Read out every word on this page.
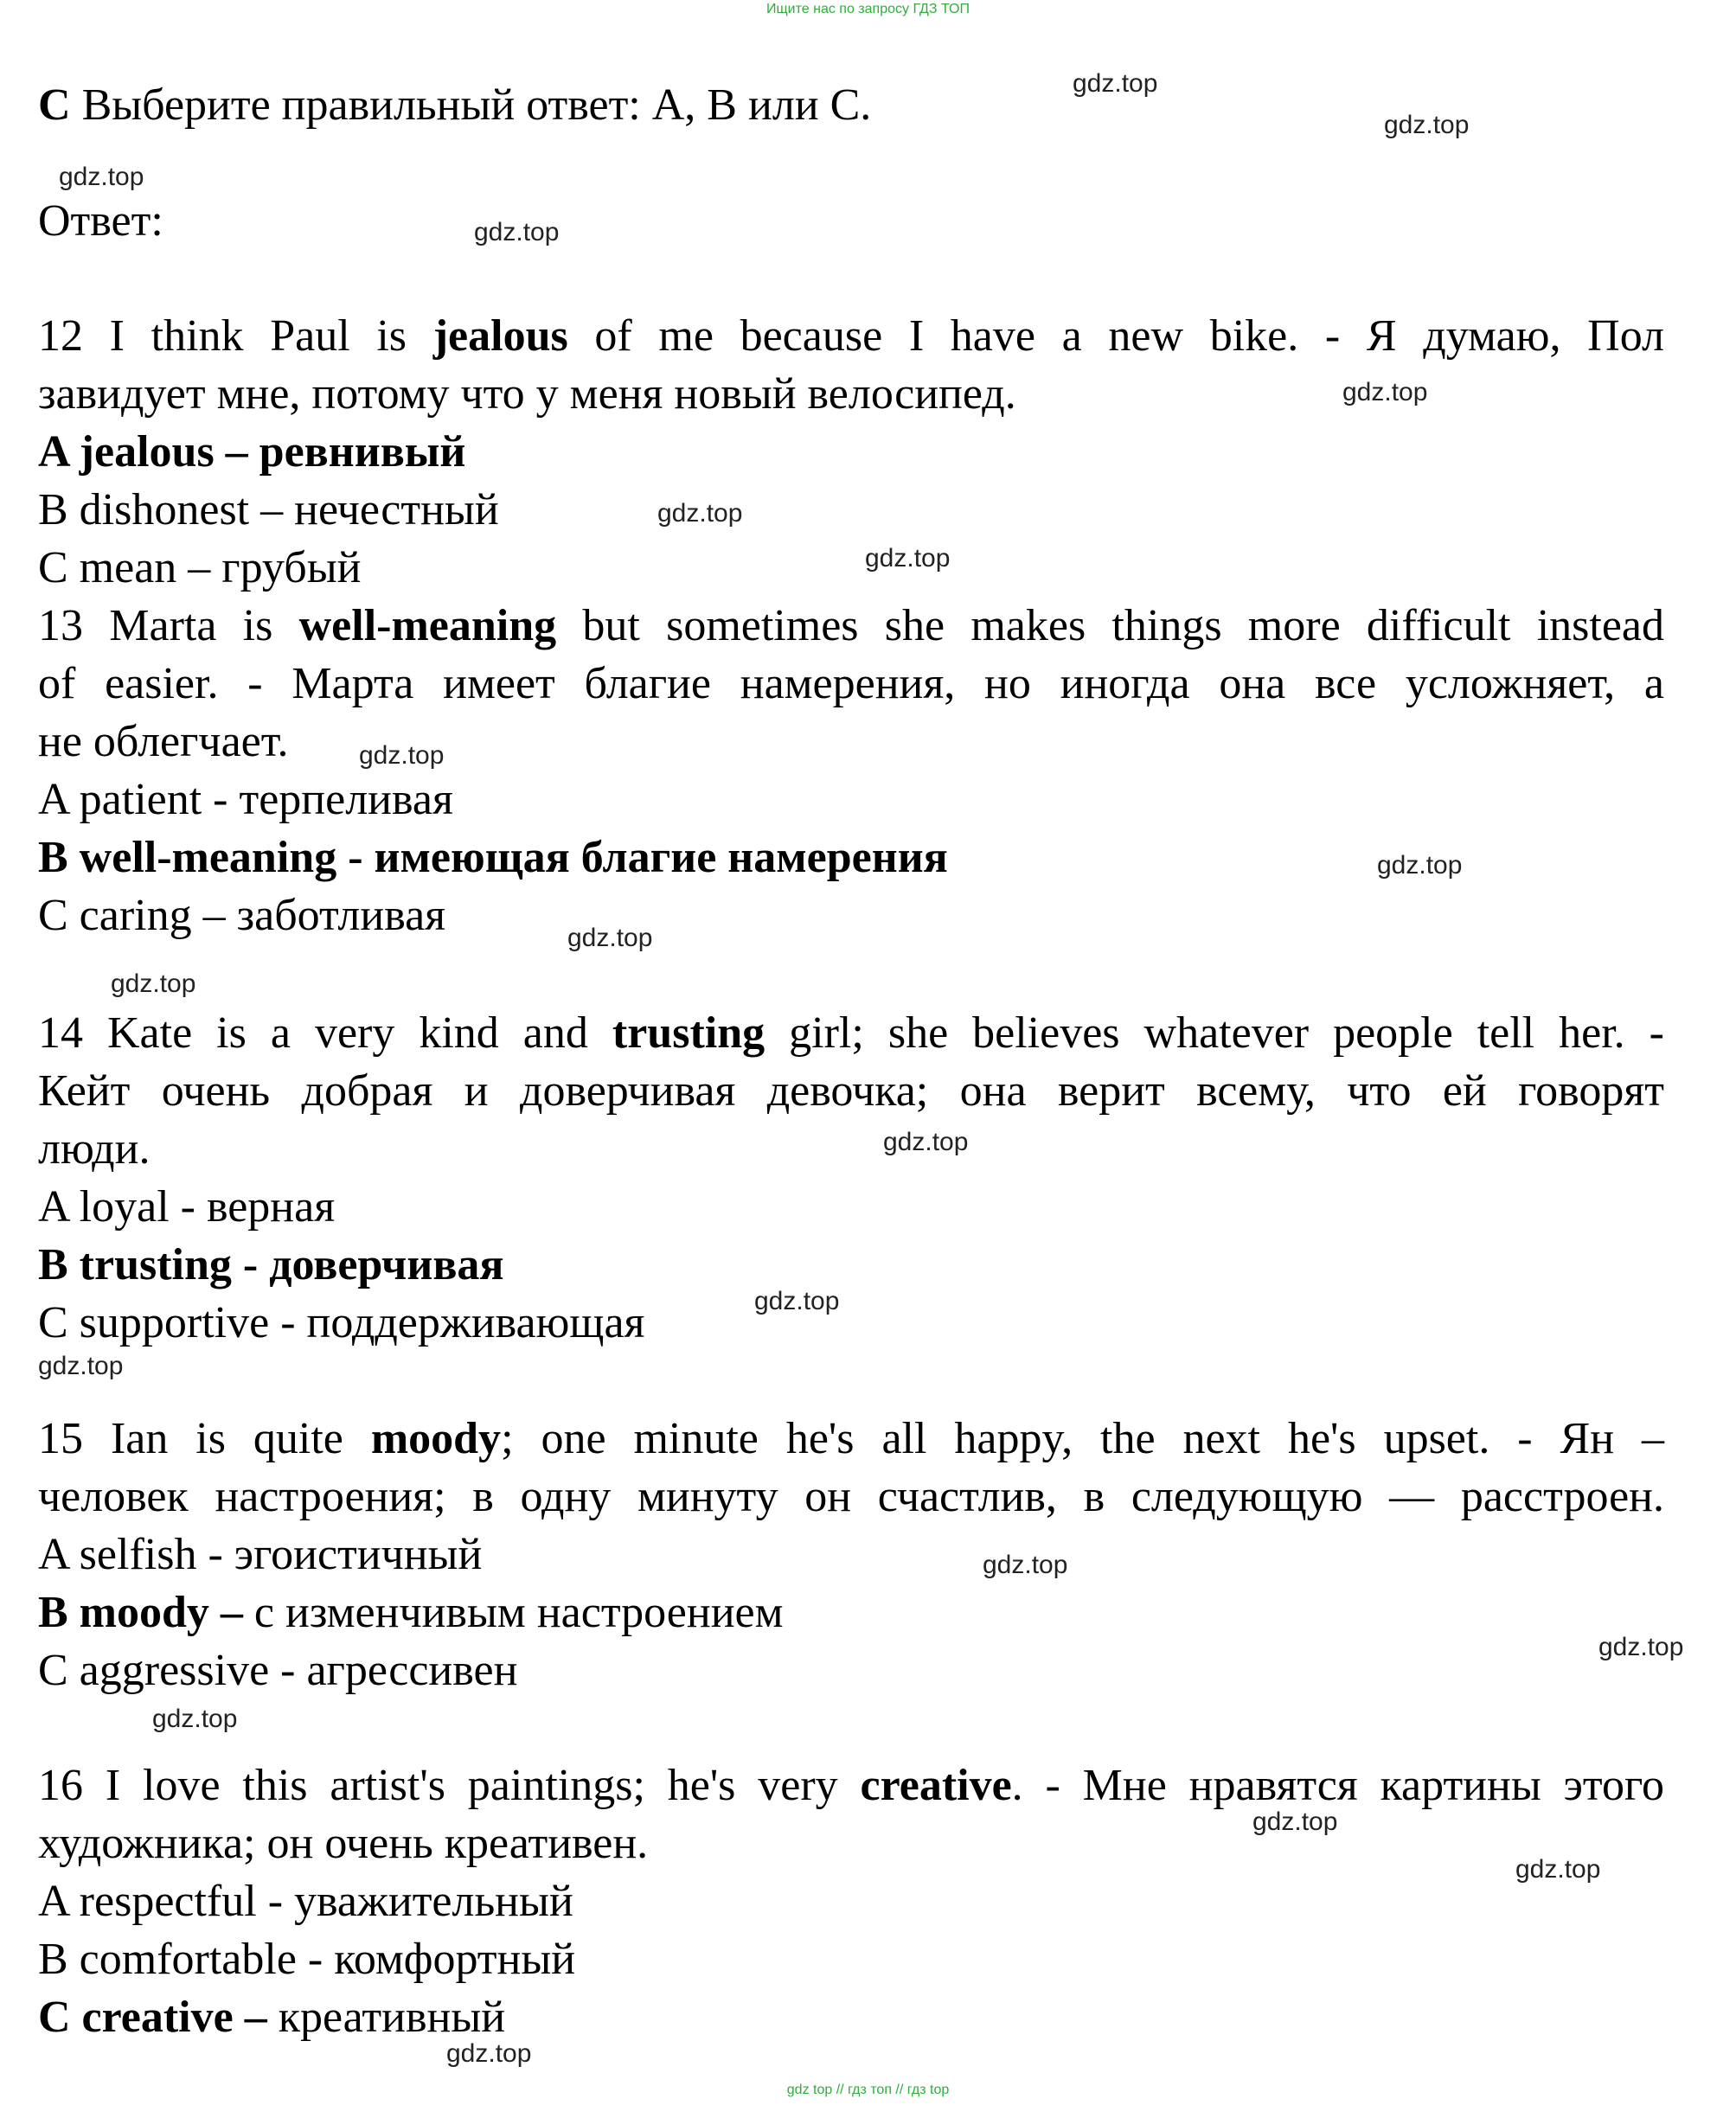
Ищите нас по запросу ГДЗ ТОП
C Выберите правильный ответ: A, B или C.
Ответ:
12 I think Paul is jealous of me because I have a new bike. - Я думаю, Пол
завидует мне, потому что у меня новый велосипед.
A jealous – ревнивый
B dishonest – нечестный
C mean – грубый
13 Marta is well-meaning but sometimes she makes things more difficult instead
of easier. - Марта имеет благие намерения, но иногда она все усложняет, а
не облегчает.
A patient - терпеливая
B well-meaning - имеющая благие намерения
C caring – заботливая
14 Kate is a very kind and trusting girl; she believes whatever people tell her. -
Кейт очень добрая и доверчивая девочка; она верит всему, что ей говорят
люди.
A loyal - верная
B trusting - доверчивая
C supportive - поддерживающая
15 Ian is quite moody; one minute he's all happy, the next he's upset. - Ян –
человек настроения; в одну минуту он счастлив, в следующую — расстроен.
A selfish - эгоистичный
B moody – с изменчивым настроением
C aggressive - агрессивен
16 I love this artist's paintings; he's very creative. - Мне нравятся картины этого
художника; он очень креативен.
A respectful - уважительный
B comfortable - комфортный
C creative – креативный
gdz.top
gdz.top
gdz.top
gdz.top
gdz.top
gdz.top
gdz.top
gdz.top
gdz.top
gdz.top
gdz.top
gdz.top
gdz.top
gdz.top
gdz.top
gdz.top
gdz.top
gdz.top
gdz.top
gdz.top
gdz top // гдз топ // гдз top
